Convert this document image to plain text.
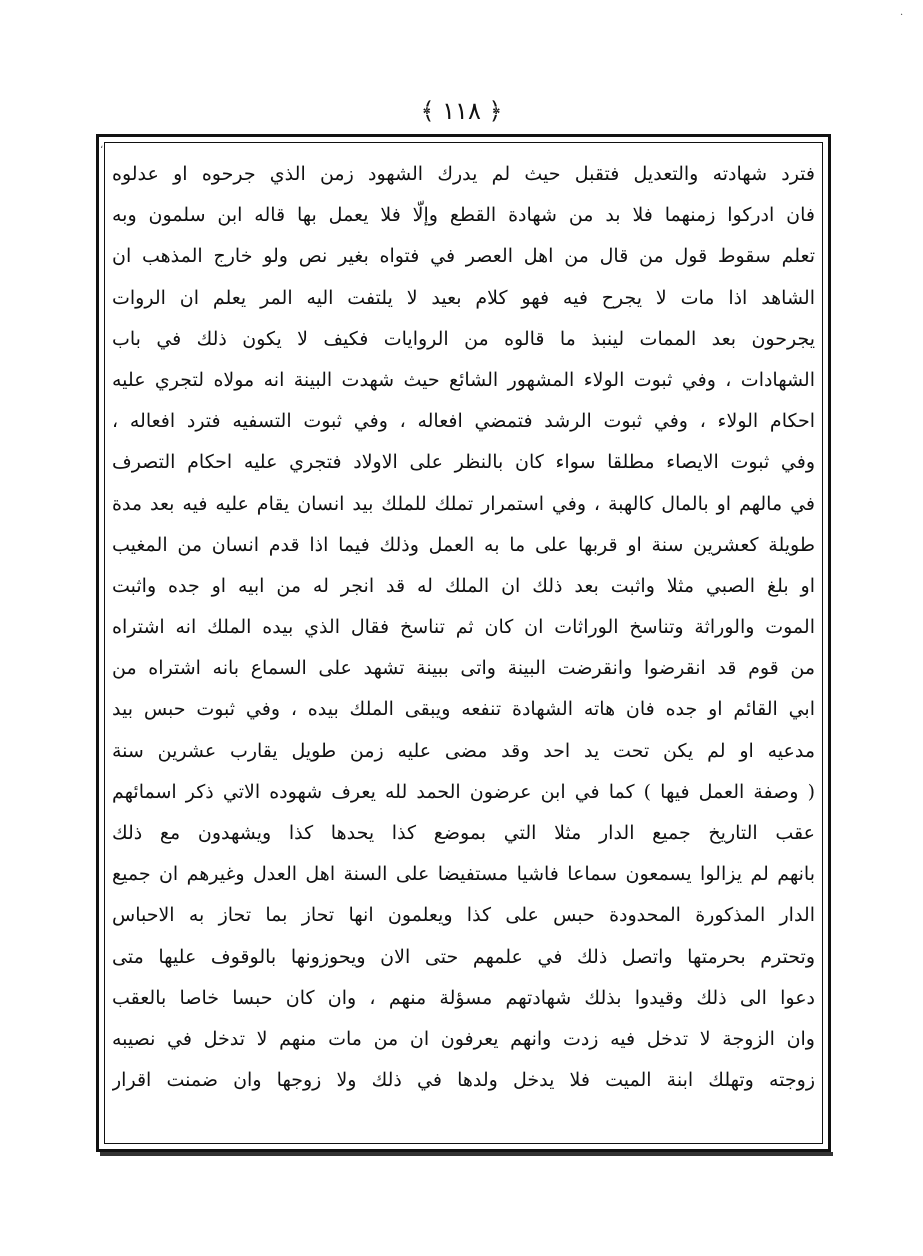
﴾ ١١٨ ﴿
،
·
فترد شهادته والتعديل فتقبل حيث لم يدرك الشهود زمن الذي جرحوه او عدلوه
فان ادركوا زمنهما فلا بد من شهادة القطع وإلّا فلا يعمل بها قاله ابن سلمون وبه
تعلم سقوط قول من قال من اهل العصر في فتواه بغير نص ولو خارج المذهب ان
الشاهد اذا مات لا يجرح فيه فهو كلام بعيد لا يلتفت اليه المر يعلم ان الروات
يجرحون بعد الممات لينبذ ما قالوه من الروايات فكيف لا يكون ذلك في باب
الشهادات ، وفي ثبوت الولاء المشهور الشائع حيث شهدت البينة انه مولاه لتجري عليه
احكام الولاء ، وفي ثبوت الرشد فتمضي افعاله ، وفي ثبوت التسفيه فترد افعاله ،
وفي ثبوت الايصاء مطلقا سواء كان بالنظر على الاولاد فتجري عليه احكام التصرف
في مالهم او بالمال كالهبة ، وفي استمرار تملك للملك بيد انسان يقام عليه فيه بعد مدة
طويلة كعشرين سنة او قربها على ما به العمل وذلك فيما اذا قدم انسان من المغيب
او بلغ الصبي مثلا واثبت بعد ذلك ان الملك له قد انجر له من ابيه او جده واثبت
الموت والوراثة وتناسخ الوراثات ان كان ثم تناسخ فقال الذي بيده الملك انه اشتراه
من قوم قد انقرضوا وانقرضت البينة واتى ببينة تشهد على السماع بانه اشتراه من
ابي القائم او جده فان هاته الشهادة تنفعه ويبقى الملك بيده ، وفي ثبوت حبس بيد
مدعيه او لم يكن تحت يد احد وقد مضى عليه زمن طويل يقارب عشرين سنة
( وصفة العمل فيها ) كما في ابن عرضون الحمد لله يعرف شهوده الاتي ذكر اسمائهم
عقب التاريخ جميع الدار مثلا التي بموضع كذا يحدها كذا ويشهدون مع ذلك
بانهم لم يزالوا يسمعون سماعا فاشيا مستفيضا على السنة اهل العدل وغيرهم ان جميع
الدار المذكورة المحدودة حبس على كذا ويعلمون انها تحاز بما تحاز به الاحباس
وتحترم بحرمتها واتصل ذلك في علمهم حتى الان ويحوزونها بالوقوف عليها متى
دعوا الى ذلك وقيدوا بذلك شهادتهم مسؤلة منهم ، وان كان حبسا خاصا بالعقب
وان الزوجة لا تدخل فيه زدت وانهم يعرفون ان من مات منهم لا تدخل في نصيبه
زوجته وتهلك ابنة الميت فلا يدخل ولدها في ذلك ولا زوجها وان ضمنت اقرار
